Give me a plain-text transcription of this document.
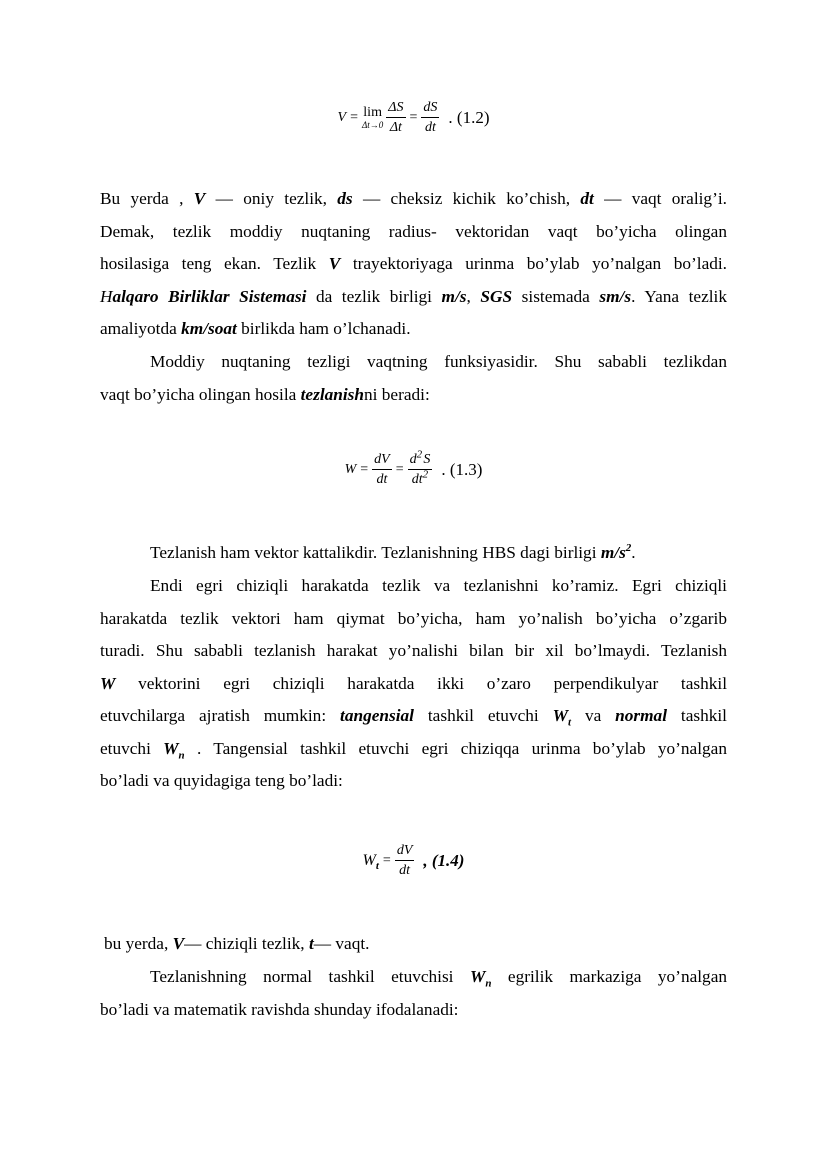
V = lim
$\Delta t\to 0 \frac{\Delta S}{\Delta t} = \frac{dS}{dt}$ . (1.2)
Bu yerda , V — oniy tezlik, ds — cheksiz kichik ko’chish, dt — vaqt oralig’i.
Demak, tezlik moddiy nuqtaning radius- vektoridan vaqt bo’yicha olingan
hosilasiga teng ekan. Tezlik V trayektoriyaga urinma bo’ylab yo’nalgan bo’ladi.
Halqaro Birliklar Sistemasi da tezlik birligi m/s, SGS sistemada sm/s. Yana tezlik
amaliyotda km/soat birlikda ham o’lchanadi.
Moddiy nuqtaning tezligi vaqtning funksiyasidir. Shu sababli tezlikdan
vaqt bo’yicha olingan hosila tezlanishni beradi:
$W = \frac{dV}{dt} = \frac{d^2 S}{dt^2}$ . (1.3)
Tezlanish ham vektor kattalikdir. Tezlanishning HBS dagi birligi $m/s^2$.
Endi egri chiziqli harakatda tezlik va tezlanishni ko’ramiz. Egri chiziqli
harakatda tezlik vektori ham qiymat bo’yicha, ham yo’nalish bo’yicha o’zgarib
turadi. Shu sababli tezlanish harakat yo’nalishi bilan bir xil bo’lmaydi. Tezlanish
W vektorini egri chiziqli harakatda ikki o’zaro perpendikulyar tashkil
etuvchilarga ajratish mumkin: tangensial tashkil etuvchi $W_t$ va normal tashkil
etuvchi $W_n$ . Tangensial tashkil etuvchi egri chiziqqa urinma bo’ylab yo’nalgan
bo’ladi va quyidagiga teng bo’ladi:
$W_t = \frac{dV}{dt}$ , (1.4)
bu yerda, V— chiziqli tezlik, t— vaqt.
Tezlanishning normal tashkil etuvchisi $W_n$ egrilik markaziga yo’nalgan
bo’ladi va matematik ravishda shunday ifodalanadi:
